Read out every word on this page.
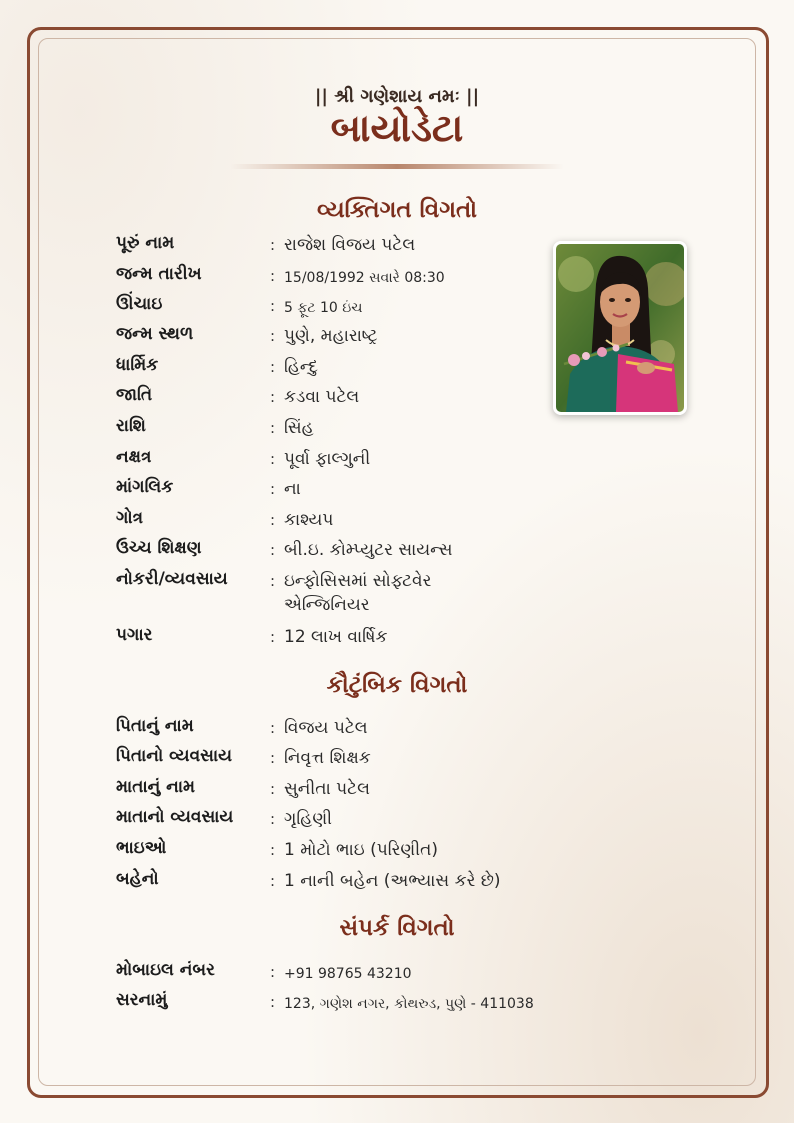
|| શ્રી ગણેશાય નમઃ ||
બાયોડેટા
વ્યક્તિગત વિગતો
પૂરું નામ	: રાજેશ વિજય પટેલ
જન્મ તારીખ	: 15/08/1992 સવારે 08:30
ઊંચાઇ	: 5 ફૂટ 10 ઇંચ
જન્મ સ્થળ	: પુણે, મહારાષ્ટ્ર
ધાર્મિક	: હિન્દુ
જાતિ	: કડવા પટેલ
રાશિ	: સિંહ
નક્ષત્ર	: પૂર્વા ફાલ્ગુની
માંગલિક	: ના
ગોત્ર	: કાશ્યપ
ઉચ્ચ શિક્ષણ	: બી.ઇ. કોમ્પ્યુટર સાયન્સ
નોકરી/વ્યવસાય	: ઇન્ફોસિસમાં સોફ્ટવેર એન્જિનિયર
પગાર	: 12 લાખ વાર્ષિક
કૌટુંબિક વિગતો
પિતાનું નામ	: વિજય પટેલ
પિતાનો વ્યવસાય	: નિવૃત્ત શિક્ષક
માતાનું નામ	: સુનીતા પટેલ
માતાનો વ્યવસાય	: ગૃહિણી
ભાઇઓ	: 1 મોટો ભાઇ (પરિણીત)
બહેનો	: 1 નાની બહેન (અભ્યાસ કરે છે)
સંપર્ક વિગતો
મોબાઇલ નંબર	: +91 98765 43210
સરનામું	: 123, ગણેશ નગર, કોથરુડ, પુણે - 411038
